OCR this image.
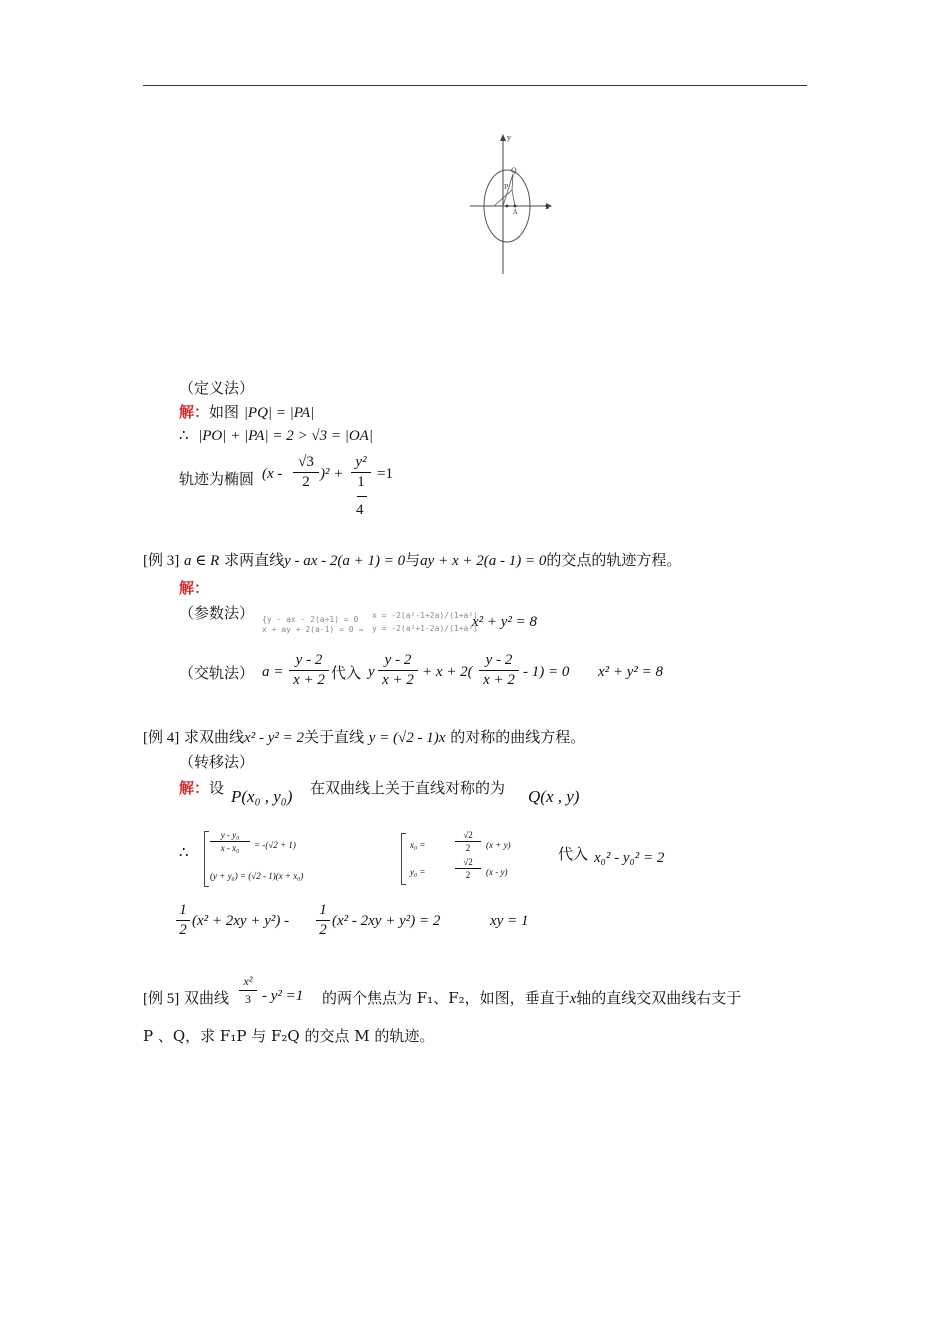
y
x
Q
P
A
（定义法）
解：如图 |PQ| = |PA|
∴ |PO| + |PA| = 2 > √3 = |OA|
轨迹为椭圆 (x -
√3
2 )² +
y²
1
4
=1
[例 3] a ∈ R 求两直线y - ax - 2(a + 1) = 0与ay + x + 2(a - 1) = 0的交点的轨迹方程。
解：
（参数法） {y - ax - 2(a+1) = 0
x + ay + 2(a-1) = 0 ⇒
x = -2(a²-1+2a)/(1+a²)
y = -2(a²+1-2a)/(1+a²)
x² + y² = 8
（交轨法） a =
y - 2
x + 2 代入 y
y - 2
x + 2 + x + 2(
y - 2
x + 2 - 1) = 0 x² + y² = 8
[例 4] 求双曲线x² - y² = 2关于直线 y = (√2 - 1)x 的对称的曲线方程。
（转移法）
解：设 P(x₀ , y₀) 在双曲线上关于直线对称的为 Q(x , y)
∴
y - y₀
x - x₀	= -(√2 + 1)
(y + y₀) = (√2 - 1)(x + x₀)
x₀ =
√2
2	(x + y)
y₀ =
√2
2	(x - y)
代入 x₀² - y₀² = 2
1
2
(x² + 2xy + y²) -
1
2
(x² - 2xy + y²) = 2	xy = 1
[例 5] 双曲线
x²
3 - y² =1 的两个焦点为 F₁、F₂，如图，垂直于x轴的直线交双曲线右支于
P 、Q，求 F₁P 与 F₂Q 的交点 M 的轨迹。
